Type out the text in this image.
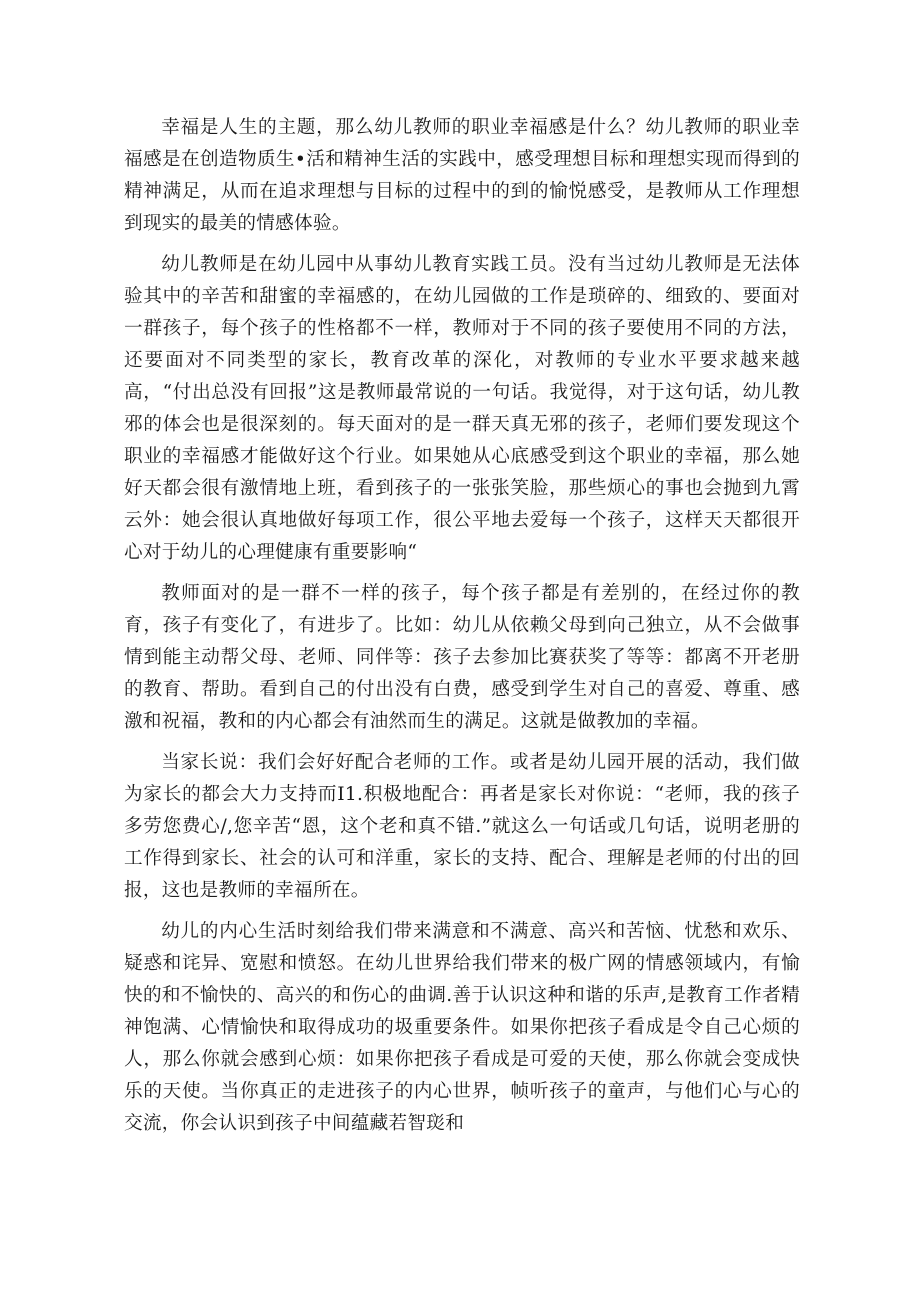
幸福是人生的主题，那么幼儿教师的职业幸福感是什么？幼儿教师的职业幸福感是在创造物质生•活和精神生活的实践中，感受理想目标和理想实现而得到的精神满足，从而在追求理想与目标的过程中的到的愉悦感受，是教师从工作理想到现实的最美的情感体验。

幼儿教师是在幼儿园中从事幼儿教育实践工员。没有当过幼儿教师是无法体验其中的辛苦和甜蜜的幸福感的，在幼儿园做的工作是琐碎的、细致的、要面对一群孩子，每个孩子的性格都不一样，教师对于不同的孩子要使用不同的方法，还要面对不同类型的家长，教育改革的深化，对教师的专业水平要求越来越高，“付出总没有回报”这是教师最常说的一句话。我觉得，对于这句话，幼儿教邪的体会也是很深刻的。每天面对的是一群天真无邪的孩子，老师们要发现这个职业的幸福感才能做好这个行业。如果她从心底感受到这个职业的幸福，那么她好天都会很有激情地上班，看到孩子的一张张笑脸，那些烦心的事也会抛到九霄云外：她会很认真地做好每项工作，很公平地去爱每一个孩子，这样天天都很开心对于幼儿的心理健康有重要影响“

教师面对的是一群不一样的孩子，每个孩子都是有差别的，在经过你的教育，孩子有变化了，有进步了。比如：幼儿从依赖父母到向己独立，从不会做事情到能主动帮父母、老师、同伴等：孩子去参加比赛获奖了等等：都离不开老册的教育、帮助。看到自己的付出没有白费，感受到学生对自己的喜爱、尊重、感激和祝福，教和的内心都会有油然而生的满足。这就是做教加的幸福。

当家长说：我们会好好配合老师的工作。或者是幼儿园开展的活动，我们做为家长的都会大力支持而I1.积极地配合：再者是家长对你说：“老师，我的孩子多劳您费心/,您辛苦“恩，这个老和真不错.”就这么一句话或几句话，说明老册的工作得到家长、社会的认可和洋重，家长的支持、配合、理解是老师的付出的回报，这也是教师的幸福所在。

幼儿的内心生活时刻给我们带来满意和不满意、高兴和苦恼、忧愁和欢乐、疑惑和诧异、宽慰和愤怒。在幼儿世界给我们带来的极广网的情感领域内，有愉快的和不愉快的、高兴的和伤心的曲调.善于认识这种和谐的乐声,是教育工作者精神饱满、心情愉快和取得成功的圾重要条件。如果你把孩子看成是令自己心烦的人，那么你就会感到心烦：如果你把孩子看成是可爱的天使，那么你就会变成快乐的天使。当你真正的走进孩子的内心世界，帧听孩子的童声，与他们心与心的交流，你会认识到孩子中间蕴藏若智珳和
